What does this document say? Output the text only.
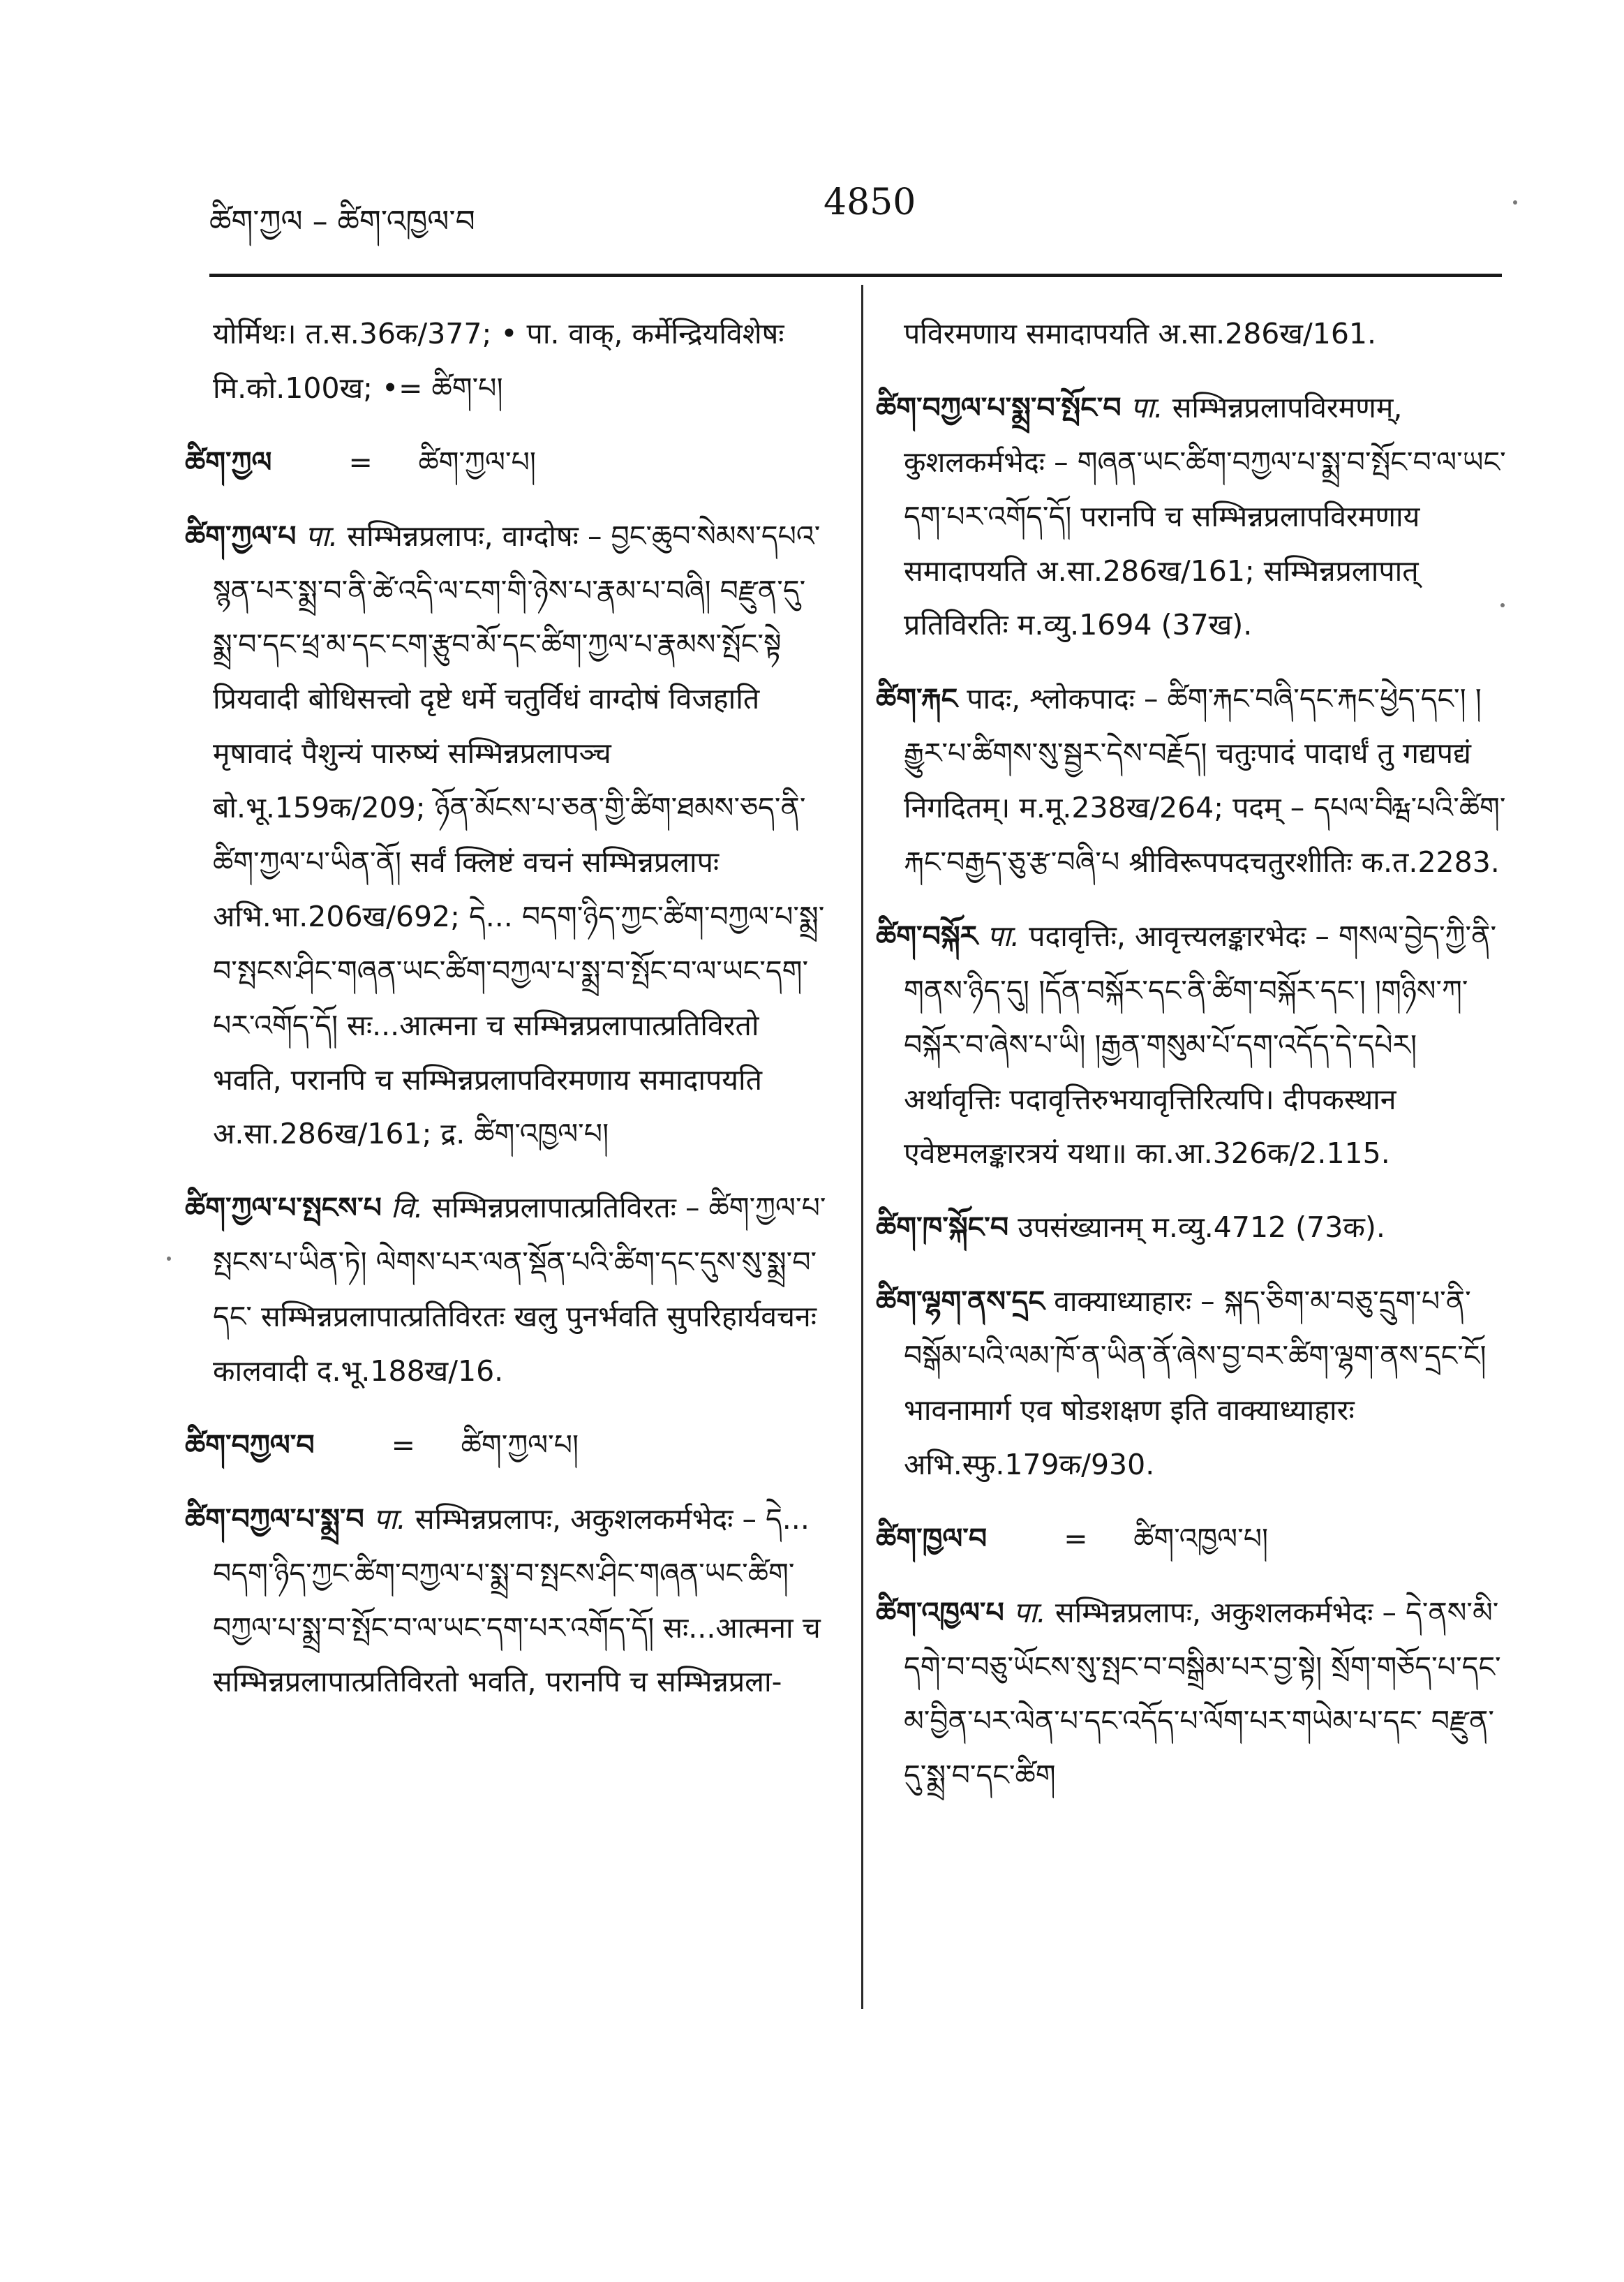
ཚིག་ཀྱལ – ཚིག་འཁྱལ་བ	4850
योर्मिथः। त.स.36क/377; • पा. वाक्, कर्मेन्द्रियविशेषः मि.को.100ख; •= ཚིག་པ།
ཚིག་ཀྱལ	= ཚིག་ཀྱལ་པ།
ཚིག་ཀྱལ་པ पा. सम्भिन्नप्रलापः, वाग्दोषः – བྱང་ཆུབ་སེམས་དཔའ་སྙན་པར་སྨྲ་བ་ནི་ཚེ་འདི་ལ་ངག་གི་ཉེས་པ་རྣམ་པ་བཞི། བརྫུན་དུ་སྨྲ་བ་དང་ཕྲ་མ་དང་ངག་རྩུབ་མོ་དང་ཚིག་ཀྱལ་པ་རྣམས་སྤོང་སྟེ प्रियवादी बोधिसत्त्वो दृष्टे धर्मे चतुर्विधं वाग्दोषं विजहाति मृषावादं पैशुन्यं पारुष्यं सम्भिन्नप्रलापञ्च बो.भू.159क/209; ཉོན་མོངས་པ་ཅན་གྱི་ཚིག་ཐམས་ཅད་ནི་ཚིག་ཀྱལ་པ་ཡིན་ནོ། सर्वं क्लिष्टं वचनं सम्भिन्नप्रलापः अभि.भा.206ख/692; དེ... བདག་ཉིད་ཀྱང་ཚིག་བཀྱལ་པ་སྨྲ་བ་སྤངས་ཤིང་གཞན་ཡང་ཚིག་བཀྱལ་པ་སྨྲ་བ་སྤོང་བ་ལ་ཡང་དག་པར་འགོད་དོ། सः...आत्मना च सम्भिन्नप्रलापात्प्रतिविरतो भवति, परानपि च सम्भिन्नप्रलापविरमणाय समादापयति अ.सा.286ख/161; द्र. ཚིག་འཁྱལ་པ།
ཚིག་ཀྱལ་པ་སྤངས་པ वि. सम्भिन्नप्रलापात्प्रतिविरतः – ཚིག་ཀྱལ་པ་སྤངས་པ་ཡིན་ཏེ། ལེགས་པར་ལན་སྡོན་པའི་ཚིག་དང་དུས་སུ་སྨྲ་བ་དང་ सम्भिन्नप्रलापात्प्रतिविरतः खलु पुनर्भवति सुपरिहार्यवचनः कालवादी द.भू.188ख/16.
ཚིག་བཀྱལ་བ	= ཚིག་ཀྱལ་པ།
ཚིག་བཀྱལ་པ་སྨྲ་བ पा. सम्भिन्नप्रलापः, अकुशलकर्मभेदः – དེ... བདག་ཉིད་ཀྱང་ཚིག་བཀྱལ་པ་སྨྲ་བ་སྤངས་ཤིང་གཞན་ཡང་ཚིག་བཀྱལ་པ་སྨྲ་བ་སྤོང་བ་ལ་ཡང་དག་པར་འགོད་དོ། सः...आत्मना च सम्भिन्नप्रलापात्प्रतिविरतो भवति, परानपि च सम्भिन्नप्रला-
पविरमणाय समादापयति अ.सा.286ख/161.
ཚིག་བཀྱལ་པ་སྨྲ་བ་སྤོང་བ पा. सम्भिन्नप्रलापविरमणम्, कुशलकर्मभेदः – གཞན་ཡང་ཚིག་བཀྱལ་པ་སྨྲ་བ་སྤོང་བ་ལ་ཡང་དག་པར་འགོད་དོ། परानपि च सम्भिन्नप्रलापविरमणाय समादापयति अ.सा.286ख/161; सम्भिन्नप्रलापात् प्रतिविरतिः म.व्यु.1694 (37ख).
ཚིག་རྐང पादः, श्लोकपादः – ཚིག་རྐང་བཞི་དང་རྐང་ཕྱེད་དང་། །རྒྱུར་པ་ཚིགས་སུ་སྦྱར་དེས་བརྗོད། चतुःपादं पादार्धं तु गद्यपद्यं निगदितम्। म.मू.238ख/264; पदम् – དཔལ་བིརྺ་པའི་ཚིག་རྐང་བརྒྱད་ཅུ་རྩ་བཞི་པ श्रीविरूपपदचतुरशीतिः क.त.2283.
ཚིག་བསྐོར पा. पदावृत्तिः, आवृत्त्यलङ्कारभेदः – གསལ་བྱེད་ཀྱི་ནི་གནས་ཉིད་དུ། །དོན་བསྐོར་དང་ནི་ཚིག་བསྐོར་དང་། །གཉིས་ཀ་བསྐོར་བ་ཞེས་པ་ཡི། །རྒྱན་གསུམ་པོ་དག་འདོད་དེ་དཔེར། अर्थावृत्तिः पदावृत्तिरुभयावृत्तिरित्यपि। दीपकस्थान एवेष्टमलङ्कारत्रयं यथा॥ का.आ.326क/2.115.
ཚིག་ཁ་སྐོང་བ उपसंख्यानम् म.व्यु.4712 (73क).
ཚིག་ལྷག་ནས་དྲང वाक्याध्याहारः – སྐད་ཅིག་མ་བཅུ་དྲུག་པ་ནི་བསྒོམ་པའི་ལམ་ཁོ་ན་ཡིན་ནོ་ཞེས་བྱ་བར་ཚིག་ལྷག་ནས་དྲང་ངོ། भावनामार्ग एव षोडशक्षण इति वाक्याध्याहारः अभि.स्फु.179क/930.
ཚིག་ཁྱལ་བ	= ཚིག་འཁྱལ་པ།
ཚིག་འཁྱལ་པ पा. सम्भिन्नप्रलापः, अकुशलकर्मभेदः – དེ་ནས་མི་དགེ་བ་བཅུ་ཡོངས་སུ་སྤང་བ་བསྒྲིམ་པར་བྱ་སྟེ། སྲོག་གཅོད་པ་དང་མ་བྱིན་པར་ལེན་པ་དང་འདོད་པ་ལོག་པར་གཡེམ་པ་དང་ བརྫུན་དུ་སྨྲ་བ་དང་ཚིག
